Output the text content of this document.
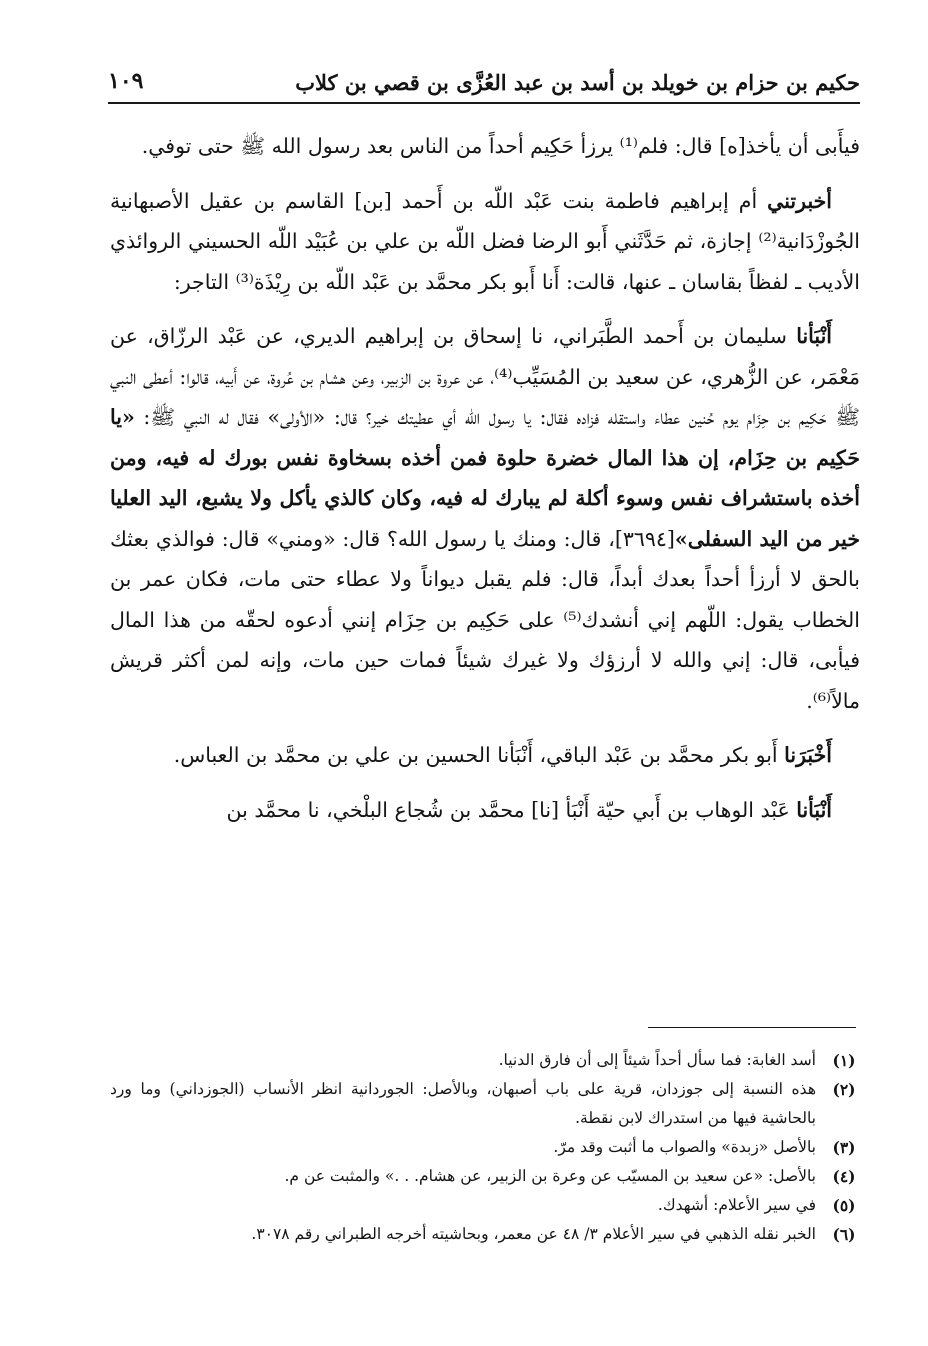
حكيم بن حزام بن خويلد بن أسد بن عبد العُزَّى بن قصي بن كلاب
١٠٩

فيأَبى أن يأخذ[ه] قال: فلم⁽¹⁾ يرزأ حَكِيم أحداً من الناس بعد رسول الله ﷺ حتى توفي.

أخبرتني أم إبراهيم فاطمة بنت عَبْد اللّه بن أَحمد [بن] القاسم بن عقيل الأصبهانية الجُوزْدَانية⁽²⁾ إجازة، ثم حَدَّثَني أَبو الرضا فضل اللّه بن علي بن عُبَيْد اللّه الحسيني الروائذي الأديب ـ لفظاً بقاسان ـ عنها، قالت: أَنا أَبو بكر محمَّد بن عَبْد اللّه بن رِيْذَة⁽³⁾ التاجر:

أَنْبَأنا سليمان بن أَحمد الطَّبَراني، نا إسحاق بن إبراهيم الديري، عن عَبْد الرزّاق، عن مَعْمَر، عن الزُّهري، عن سعيد بن المُسَيِّب⁽⁴⁾، عن عروة بن الزبير، وعن هشام بن عُروة، عن أَبيه، قالوا: أعطى النبي ﷺ حَكِيم بن حِزَام يوم حُنين عطاء واستقله فزاده فقال: يا رسول الله أي عطيتك خير؟ قال: «الأولى» فقال له النبي ﷺ: «يا حَكِيم بن حِزَام، إن هذا المال خضرة حلوة فمن أخذه بسخاوة نفس بورك له فيه، ومن أخذه باستشراف نفس وسوء أكلة لم يبارك له فيه، وكان كالذي يأكل ولا يشبع، اليد العليا خير من اليد السفلى»[٣٦٩٤]، قال: ومنك يا رسول الله؟ قال: «ومني» قال: فوالذي بعثك بالحق لا أرزأ أحداً بعدك أبداً، قال: فلم يقبل ديواناً ولا عطاء حتى مات، فكان عمر بن الخطاب يقول: اللّهم إني أنشدك⁽⁵⁾ على حَكِيم بن حِزَام إنني أدعوه لحقّه من هذا المال فيأبى، قال: إني والله لا أرزؤك ولا غيرك شيئاً فمات حين مات، وإنه لمن أكثر قريش مالاً⁽⁶⁾.

أَخْبَرَنا أَبو بكر محمَّد بن عَبْد الباقي، أَنْبَأنا الحسين بن علي بن محمَّد بن العباس.

أَنْبَأنا عَبْد الوهاب بن أَبي حيّة أَنْبَأ [نا] محمَّد بن شُجاع البلْخي، نا محمَّد بن

(١)
أسد الغابة: فما سأل أحداً شيئاً إلى أن فارق الدنيا.
(٢)
هذه النسبة إلى جوزدان، قرية على باب أصبهان، وبالأصل: الجوردانية انظر الأنساب (الجوزداني) وما ورد بالحاشية فيها من استدراك لابن نقطة.
(٣)
بالأصل «زبدة» والصواب ما أثبت وقد مرّ.
(٤)
بالأصل: «عن سعيد بن المسيّب عن وعرة بن الزبير، عن هشام. . .» والمثبت عن م.
(٥)
في سير الأعلام: أشهدك.
(٦)
الخبر نقله الذهبي في سير الأعلام ٣/ ٤٨ عن معمر، وبحاشيته أخرجه الطبراني رقم ٣٠٧٨.
